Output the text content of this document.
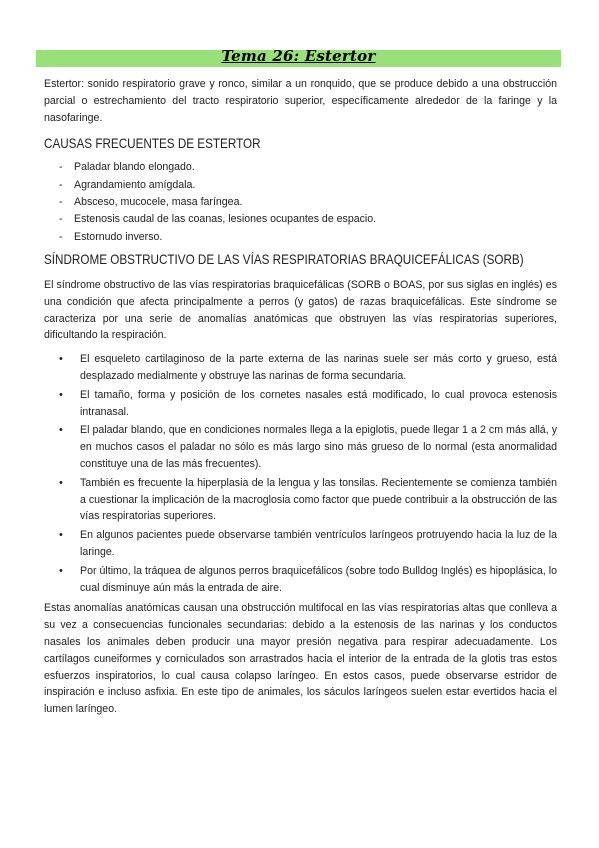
Tema 26: Estertor

Estertor: sonido respiratorio grave y ronco, similar a un ronquido, que se produce debido a una obstrucción parcial o estrechamiento del tracto respiratorio superior, específicamente alrededor de la faringe y la nasofaringe.

CAUSAS FRECUENTES DE ESTERTOR
- Paladar blando elongado.
- Agrandamiento amígdala.
- Absceso, mucocele, masa faríngea.
- Estenosis caudal de las coanas, lesiones ocupantes de espacio.
- Estornudo inverso.
SÍNDROME OBSTRUCTIVO DE LAS VÍAS RESPIRATORIAS BRAQUICEFÁLICAS (SORB)

El síndrome obstructivo de las vías respiratorias braquicefálicas (SORB o BOAS, por sus siglas en inglés) es una condición que afecta principalmente a perros (y gatos) de razas braquicefálicas. Este síndrome se caracteriza por una serie de anomalías anatómicas que obstruyen las vías respiratorias superiores, dificultando la respiración.

• El esqueleto cartilaginoso de la parte externa de las narinas suele ser más corto y grueso, está desplazado medialmente y obstruye las narinas de forma secundaria.
• El tamaño, forma y posición de los cornetes nasales está modificado, lo cual provoca estenosis intranasal.
• El paladar blando, que en condiciones normales llega a la epiglotis, puede llegar 1 a 2 cm más allá, y en muchos casos el paladar no sólo es más largo sino más grueso de lo normal (esta anormalidad constituye una de las más frecuentes).
• También es frecuente la hiperplasia de la lengua y las tonsilas. Recientemente se comienza también a cuestionar la implicación de la macroglosia como factor que puede contribuir a la obstrucción de las vías respiratorias superiores.
• En algunos pacientes puede observarse también ventrículos laríngeos protruyendo hacia la luz de la laringe.
• Por último, la tráquea de algunos perros braquicefálicos (sobre todo Bulldog Inglés) es hipoplásica, lo cual disminuye aún más la entrada de aire.

Estas anomalías anatómicas causan una obstrucción multifocal en las vías respiratorias altas que conlleva a su vez a consecuencias funcionales secundarias: debido a la estenosis de las narinas y los conductos nasales los animales deben producir una mayor presión negativa para respirar adecuadamente. Los cartílagos cuneiformes y corniculados son arrastrados hacia el interior de la entrada de la glotis tras estos esfuerzos inspiratorios, lo cual causa colapso laríngeo. En estos casos, puede observarse estridor de inspiración e incluso asfixia. En este tipo de animales, los sáculos laríngeos suelen estar evertidos hacia el lumen laríngeo.
